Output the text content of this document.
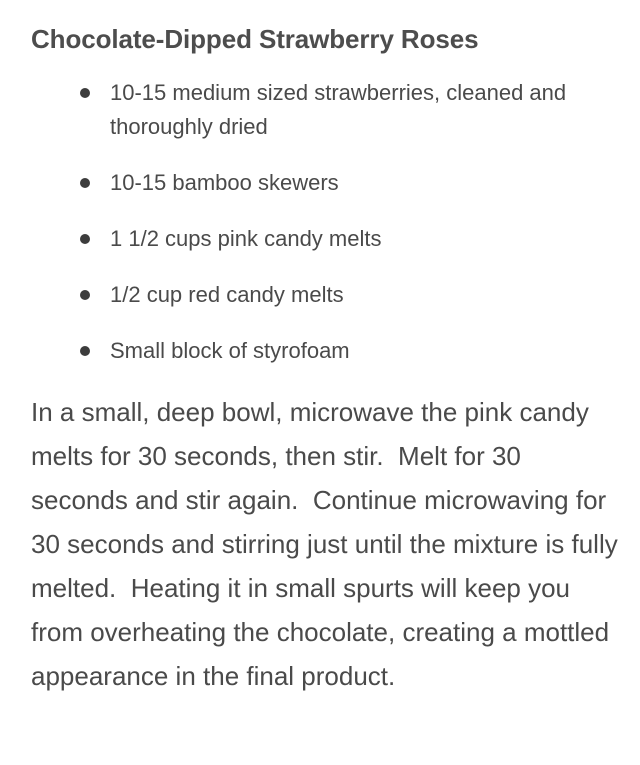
Chocolate-Dipped Strawberry Roses
10-15 medium sized strawberries, cleaned and thoroughly dried
10-15 bamboo skewers
1 1/2 cups pink candy melts
1/2 cup red candy melts
Small block of styrofoam

In a small, deep bowl, microwave the pink candy melts for 30 seconds, then stir.  Melt for 30 seconds and stir again.  Continue microwaving for 30 seconds and stirring just until the mixture is fully melted.  Heating it in small spurts will keep you from overheating the chocolate, creating a mottled appearance in the final product.
